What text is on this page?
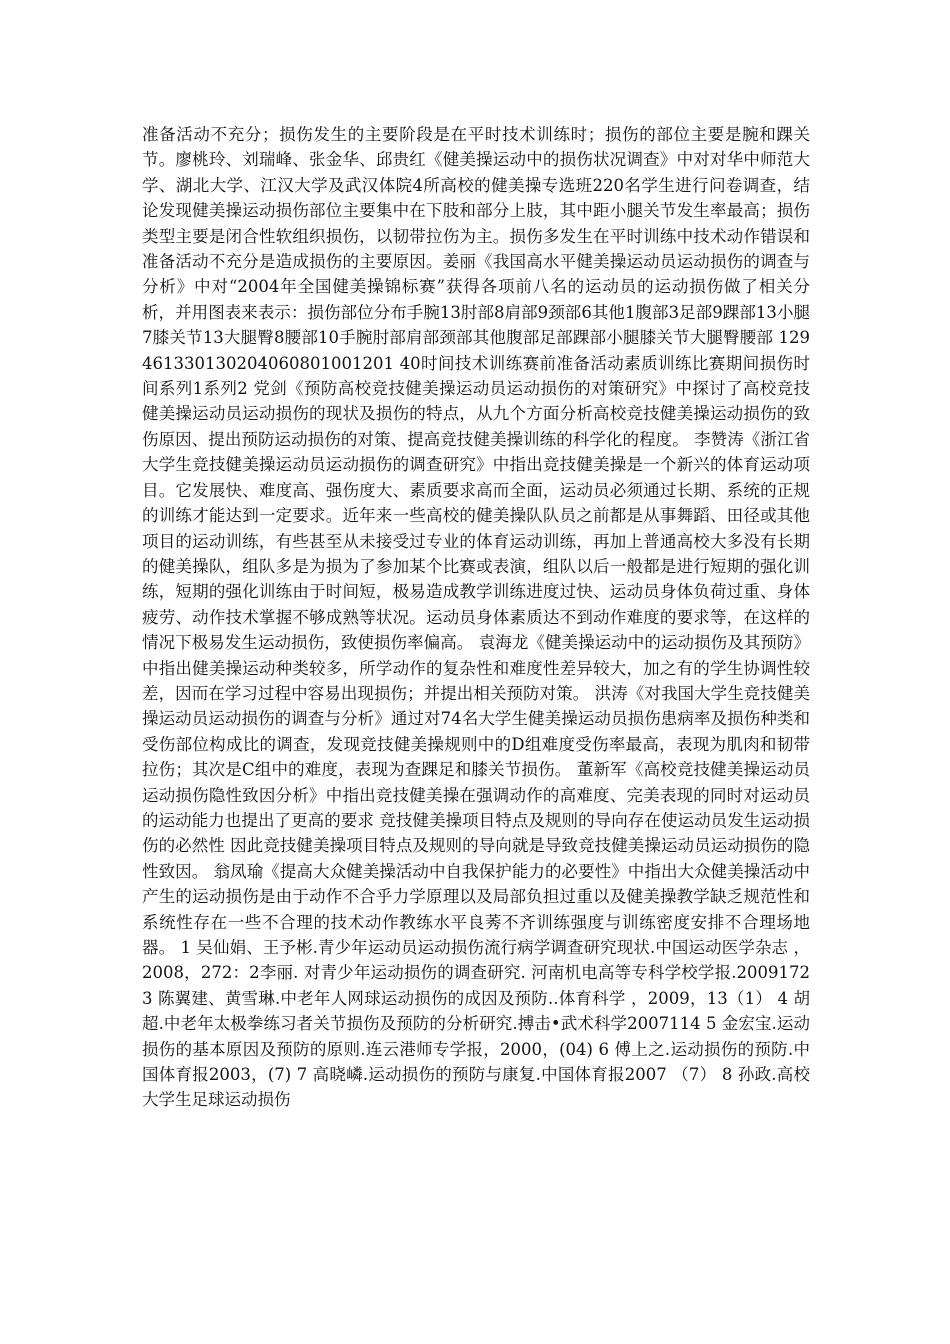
准备活动不充分；损伤发生的主要阶段是在平时技术训练时；损伤的部位主要是腕和踝关节。廖桃玲、刘瑞峰、张金华、邱贵红《健美操运动中的损伤状况调查》中对对华中师范大学、湖北大学、江汉大学及武汉体院4所高校的健美操专选班220名学生进行问卷调查，结论发现健美操运动损伤部位主要集中在下肢和部分上肢，其中距小腿关节发生率最高；损伤类型主要是闭合性软组织损伤，以韧带拉伤为主。损伤多发生在平时训练中技术动作错误和准备活动不充分是造成损伤的主要原因。姜丽《我国高水平健美操运动员运动损伤的调查与分析》中对“2004年全国健美操锦标赛”获得各项前八名的运动员的运动损伤做了相关分析，并用图表来表示：损伤部位分布手腕13肘部8肩部9颈部6其他1腹部3足部9踝部13小腿7膝关节13大腿臀8腰部10手腕肘部肩部颈部其他腹部足部踝部小腿膝关节大腿臀腰部 129461330130204060801001201 40时间技术训练赛前准备活动素质训练比赛期间损伤时间系列1系列2 党剑《预防高校竞技健美操运动员运动损伤的对策研究》中探讨了高校竞技健美操运动员运动损伤的现状及损伤的特点，从九个方面分析高校竞技健美操运动损伤的致伤原因、提出预防运动损伤的对策、提高竞技健美操训练的科学化的程度。 李赞涛《浙江省大学生竞技健美操运动员运动损伤的调查研究》中指出竞技健美操是一个新兴的体育运动项目。它发展快、难度高、强伤度大、素质要求高而全面，运动员必须通过长期、系统的正规的训练才能达到一定要求。近年来一些高校的健美操队队员之前都是从事舞蹈、田径或其他项目的运动训练，有些甚至从未接受过专业的体育运动训练，再加上普通高校大多没有长期的健美操队，组队多是为损为了参加某个比赛或表演，组队以后一般都是进行短期的强化训练，短期的强化训练由于时间短，极易造成教学训练进度过快、运动员身体负荷过重、身体疲劳、动作技术掌握不够成熟等状况。运动员身体素质达不到动作难度的要求等，在这样的情况下极易发生运动损伤，致使损伤率偏高。 袁海龙《健美操运动中的运动损伤及其预防》中指出健美操运动种类较多，所学动作的复杂性和难度性差异较大，加之有的学生协调性较差，因而在学习过程中容易出现损伤；并提出相关预防对策。 洪涛《对我国大学生竞技健美操运动员运动损伤的调查与分析》通过对74名大学生健美操运动员损伤患病率及损伤种类和受伤部位构成比的调查，发现竞技健美操规则中的D组难度受伤率最高，表现为肌肉和韧带拉伤；其次是C组中的难度，表现为查踝足和膝关节损伤。 董新军《高校竞技健美操运动员运动损伤隐性致因分析》中指出竞技健美操在强调动作的高难度、完美表现的同时对运动员的运动能力也提出了更高的要求 竞技健美操项目特点及规则的导向存在使运动员发生运动损伤的必然性 因此竞技健美操项目特点及规则的导向就是导致竞技健美操运动员运动损伤的隐性致因。 翁凤瑜《提高大众健美操活动中自我保护能力的必要性》中指出大众健美操活动中产生的运动损伤是由于动作不合乎力学原理以及局部负担过重以及健美操教学缺乏规范性和系统性存在一些不合理的技术动作教练水平良莠不齐训练强度与训练密度安排不合理场地器。 1 吴仙娟、王予彬.青少年运动员运动损伤流行病学调查研究现状.中国运动医学杂志 ，2008，272：2李丽. 对青少年运动损伤的调查研究. 河南机电高等专科学校学报.2009172 3 陈翼建、黄雪琳.中老年人网球运动损伤的成因及预防..体育科学 ，2009，13（1） 4 胡超.中老年太极拳练习者关节损伤及预防的分析研究.搏击•武术科学2007114 5 金宏宝.运动损伤的基本原因及预防的原则.连云港师专学报，2000，(04) 6 傅上之.运动损伤的预防.中国体育报2003，(7) 7 高晓嶙.运动损伤的预防与康复.中国体育报2007 （7） 8 孙政.高校大学生足球运动损伤
